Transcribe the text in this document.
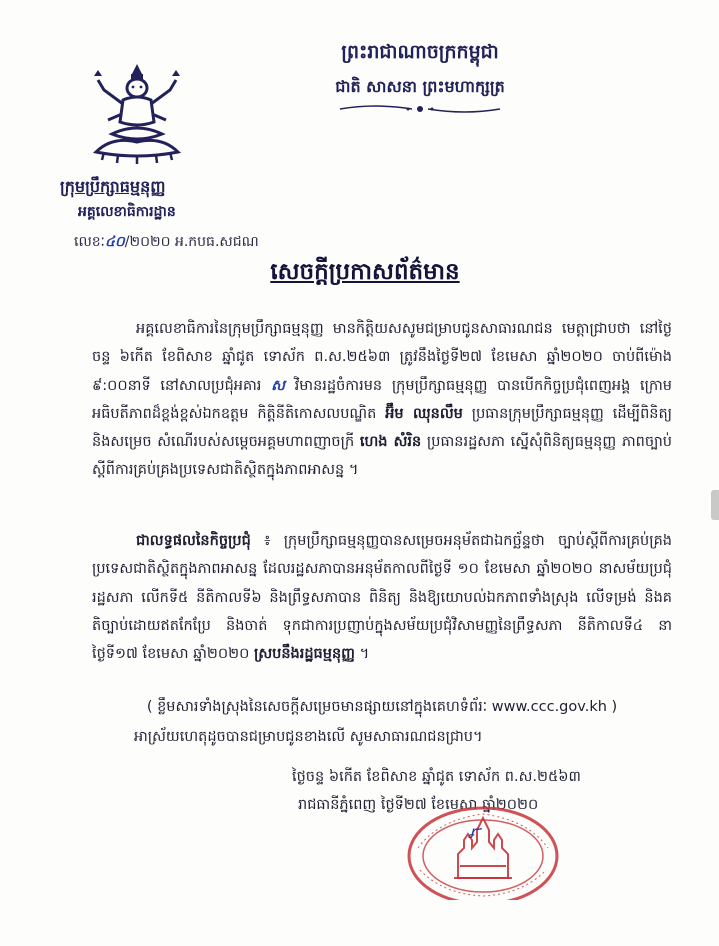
ព្រះរាជាណាចក្រកម្ពុជា
ជាតិ សាសនា ព្រះមហាក្សត្រ
ក្រុមប្រឹក្សាធម្មនុញ្ញ
អគ្គលេខាធិការដ្ឋាន
លេខៈ៤០/២០២០ អ.កបធ.សជណ
សេចក្តីប្រកាសព័ត៌មាន

អគ្គលេខាធិការនៃក្រុមប្រឹក្សាធម្មនុញ្ញ មានកិត្តិយសសូមជម្រាបជូនសាធារណជន មេត្តាជ្រាបថា នៅថ្ងៃចន្ទ ៦កើត ខែពិសាខ ឆ្នាំជូត ទោស័ក ព.ស.២៥៦៣ ត្រូវនឹងថ្ងៃទី២៧ ខែមេសា ឆ្នាំ២០២០ ចាប់ពីម៉ោង ៩:០០នាទី នៅសាលប្រជុំអគារ ស វិមានរដ្ឋចំការមន ក្រុមប្រឹក្សាធម្មនុញ្ញ បានបើកកិច្ចប្រជុំពេញអង្គ ក្រោមអធិបតីភាពដ៏ខ្ពង់ខ្ពស់ឯកឧត្តម កិត្តិនីតិកោសលបណ្ឌិត អ៊ឹម ឈុនលឹម ប្រធានក្រុមប្រឹក្សាធម្មនុញ្ញ ដើម្បីពិនិត្យ និងសម្រេច សំណើរបស់សម្តេចអគ្គមហាពញាចក្រី ហេង សំរិន ប្រធានរដ្ឋសភា ស្នើសុំពិនិត្យធម្មនុញ្ញ ភាពច្បាប់ស្តីពីការគ្រប់គ្រងប្រទេសជាតិស្ថិតក្នុងភាពអាសន្ន ។

ជាលទ្ធផលនៃកិច្ចប្រជុំ ៖ ក្រុមប្រឹក្សាធម្មនុញ្ញបានសម្រេចអនុម័តជាឯកច្ឆ័ន្ទថា ច្បាប់ស្តីពីការគ្រប់គ្រងប្រទេសជាតិស្ថិតក្នុងភាពអាសន្ន ដែលរដ្ឋសភាបានអនុម័តកាលពីថ្ងៃទី ១០ ខែមេសា ឆ្នាំ២០២០ នាសម័យប្រជុំរដ្ឋសភា លើកទី៥ នីតិកាលទី៦ និងព្រឹទ្ធសភាបាន ពិនិត្យ និងឱ្យយោបល់ឯកភាពទាំងស្រុង លើទម្រង់ និងគតិច្បាប់ដោយឥតកែប្រែ និងចាត់ ទុកជាការប្រញាប់ក្នុងសម័យប្រជុំវិសាមញ្ញនៃព្រឹទ្ធសភា នីតិកាលទី៤ នាថ្ងៃទី១៧ ខែមេសា ឆ្នាំ២០២០ ស្របនឹងរដ្ឋធម្មនុញ្ញ ។

( ខ្លឹមសារទាំងស្រុងនៃសេចក្តីសម្រេចមានផ្សាយនៅក្នុងគេហទំព័រៈ www.ccc.gov.kh )
អាស្រ័យហេតុដូចបានជម្រាបជូនខាងលើ សូមសាធារណជនជ្រាប។
ថ្ងៃចន្ទ ៦កើត ខែពិសាខ ឆ្នាំជូត ទោស័ក ព.ស.២៥៦៣
រាជធានីភ្នំពេញ ថ្ងៃទី២៧ ខែមេសា ឆ្នាំ២០២០
ꭊ
